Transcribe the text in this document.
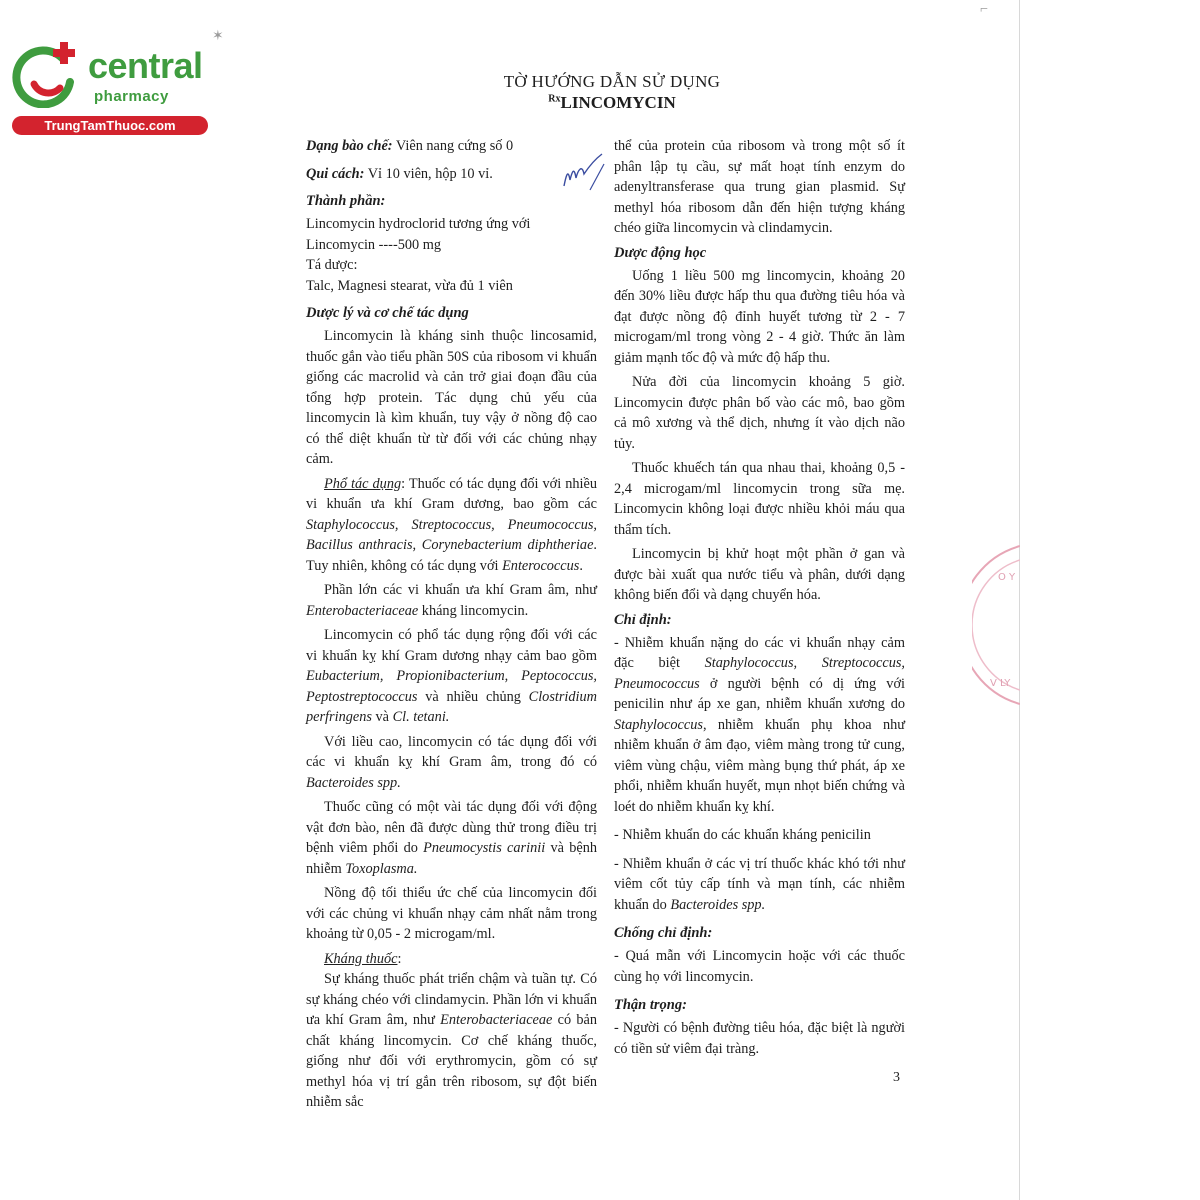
✶
⌐
central
pharmacy
TrungTamThuoc.com
TỜ HƯỚNG DẪN SỬ DỤNG
$^{Rx}$LINCOMYCIN
O Y
V LY

Dạng bào chế: Viên nang cứng số 0

Qui cách: Vỉ 10 viên, hộp 10 vỉ.

Thành phần:

Lincomycin hydroclorid tương ứng với

Lincomycin ----500 mg

Tá dược:

Talc, Magnesi stearat, vừa đủ 1 viên

Dược lý và cơ chế tác dụng

Lincomycin là kháng sinh thuộc lincosamid, thuốc gắn vào tiểu phần 50S của ribosom vi khuẩn giống các macrolid và cản trở giai đoạn đầu của tổng hợp protein. Tác dụng chủ yếu của lincomycin là kìm khuẩn, tuy vậy ở nồng độ cao có thể diệt khuẩn từ từ đối với các chủng nhạy cảm.

Phổ tác dụng: Thuốc có tác dụng đối với nhiều vi khuẩn ưa khí Gram dương, bao gồm các Staphylococcus, Streptococcus, Pneumococcus, Bacillus anthracis, Corynebacterium diphtheriae. Tuy nhiên, không có tác dụng với Enterococcus.

Phần lớn các vi khuẩn ưa khí Gram âm, như Enterobacteriaceae kháng lincomycin.

Lincomycin có phổ tác dụng rộng đối với các vi khuẩn kỵ khí Gram dương nhạy cảm bao gồm Eubacterium, Propionibacterium, Peptococcus, Peptostreptococcus và nhiều chủng Clostridium perfringens và Cl. tetani.

Với liều cao, lincomycin có tác dụng đối với các vi khuẩn kỵ khí Gram âm, trong đó có Bacteroides spp.

Thuốc cũng có một vài tác dụng đối với động vật đơn bào, nên đã được dùng thử trong điều trị bệnh viêm phổi do Pneumocystis carinii và bệnh nhiễm Toxoplasma.

Nồng độ tối thiểu ức chế của lincomycin đối với các chủng vi khuẩn nhạy cảm nhất nằm trong khoảng từ 0,05 - 2 microgam/ml.

Kháng thuốc:

Sự kháng thuốc phát triển chậm và tuần tự. Có sự kháng chéo với clindamycin. Phần lớn vi khuẩn ưa khí Gram âm, như Enterobacteriaceae có bản chất kháng lincomycin. Cơ chế kháng thuốc, giống như đối với erythromycin, gồm có sự methyl hóa vị trí gắn trên ribosom, sự đột biến nhiễm sắc

thể của protein của ribosom và trong một số ít phân lập tụ cầu, sự mất hoạt tính enzym do adenyltransferase qua trung gian plasmid. Sự methyl hóa ribosom dẫn đến hiện tượng kháng chéo giữa lincomycin và clindamycin.

Dược động học

Uống 1 liều 500 mg lincomycin, khoảng 20 đến 30% liều được hấp thu qua đường tiêu hóa và đạt được nồng độ đỉnh huyết tương từ 2 - 7 microgam/ml trong vòng 2 - 4 giờ. Thức ăn làm giảm mạnh tốc độ và mức độ hấp thu.

Nửa đời của lincomycin khoảng 5 giờ. Lincomycin được phân bố vào các mô, bao gồm cả mô xương và thể dịch, nhưng ít vào dịch não tủy.

Thuốc khuếch tán qua nhau thai, khoảng 0,5 - 2,4 microgam/ml lincomycin trong sữa mẹ. Lincomycin không loại được nhiều khỏi máu qua thẩm tích.

Lincomycin bị khử hoạt một phần ở gan và được bài xuất qua nước tiểu và phân, dưới dạng không biến đổi và dạng chuyển hóa.

Chỉ định:

- Nhiễm khuẩn nặng do các vi khuẩn nhạy cảm đặc biệt Staphylococcus, Streptococcus, Pneumococcus ở người bệnh có dị ứng với penicilin như áp xe gan, nhiễm khuẩn xương do Staphylococcus, nhiễm khuẩn phụ khoa như nhiễm khuẩn ở âm đạo, viêm màng trong tử cung, viêm vùng chậu, viêm màng bụng thứ phát, áp xe phổi, nhiễm khuẩn huyết, mụn nhọt biến chứng và loét do nhiễm khuẩn kỵ khí.

- Nhiễm khuẩn do các khuẩn kháng penicilin

- Nhiễm khuẩn ở các vị trí thuốc khác khó tới như viêm cốt tủy cấp tính và mạn tính, các nhiễm khuẩn do Bacteroides spp.

Chống chỉ định:

- Quá mẫn với Lincomycin hoặc với các thuốc cùng họ với lincomycin.

Thận trọng:

- Người có bệnh đường tiêu hóa, đặc biệt là người có tiền sử viêm đại tràng.

3
